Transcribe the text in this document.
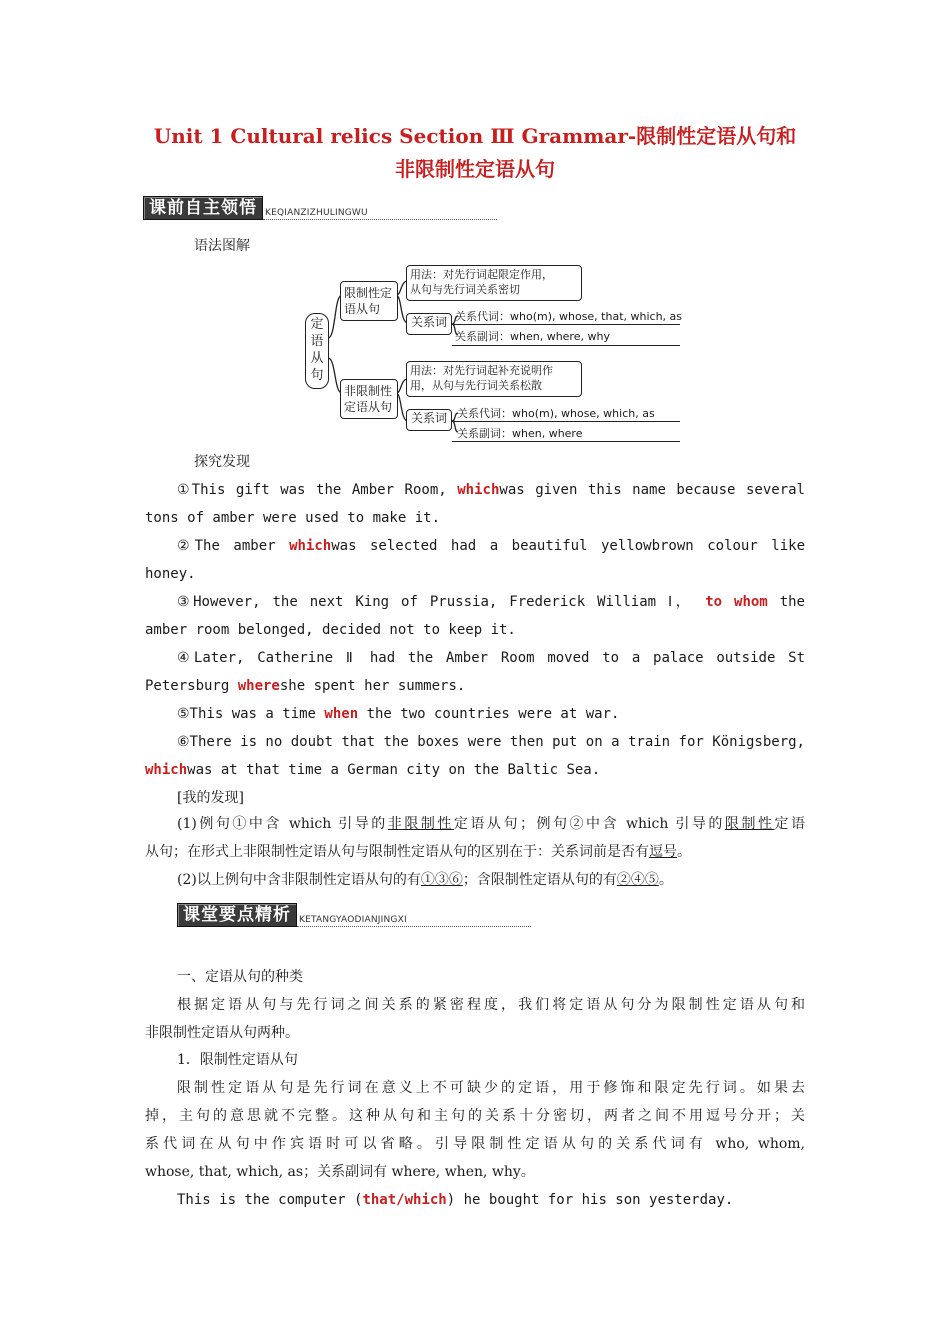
Unit 1 Cultural relics Section Ⅲ Grammar-限制性定语从句和
非限制性定语从句
课前自主领悟 KEQIANZIZHULINGWU
语法图解
定
语
从
句
限制性定
语从句
用法：对先行词起限定作用，
从句与先行词关系密切
关系词 关系代词：who(m), whose, that, which, as
关系副词：when, where, why
非限制性
定语从句
用法：对先行词起补充说明作
用，从句与先行词关系松散
关系词 关系代词：who(m), whose, which, as
关系副词：when, where
探究发现
①This gift was the Amber Room, whichwas given this name because several
tons of amber were used to make it.
②The amber whichwas selected had a beautiful yellowbrown colour like
honey.
③However, the next King of Prussia, Frederick William Ⅰ， to whom the
amber room belonged, decided not to keep it.
④Later, Catherine Ⅱ had the Amber Room moved to a palace outside St
Petersburg whereshe spent her summers.
⑤This was a time when the two countries were at war.
⑥There is no doubt that the boxes were then put on a train for Königsberg,
whichwas at that time a German city on the Baltic Sea.
[我的发现]
(1)例句①中含 which 引导的非限制性定语从句；例句②中含 which 引导的限制性定语
从句；在形式上非限制性定语从句与限制性定语从句的区别在于：关系词前是否有逗号。
(2)以上例句中含非限制性定语从句的有①③⑥；含限制性定语从句的有②④⑤。
课堂要点精析 KETANGYAODIANJINGXI
一、定语从句的种类
根据定语从句与先行词之间关系的紧密程度，我们将定语从句分为限制性定语从句和
非限制性定语从句两种。
1．限制性定语从句
限制性定语从句是先行词在意义上不可缺少的定语，用于修饰和限定先行词。如果去
掉，主句的意思就不完整。这种从句和主句的关系十分密切，两者之间不用逗号分开；关
系代词在从句中作宾语时可以省略。引导限制性定语从句的关系代词有 who, whom,
whose, that, which, as；关系副词有 where, when, why。
This is the computer (that/which) he bought for his son yesterday.
